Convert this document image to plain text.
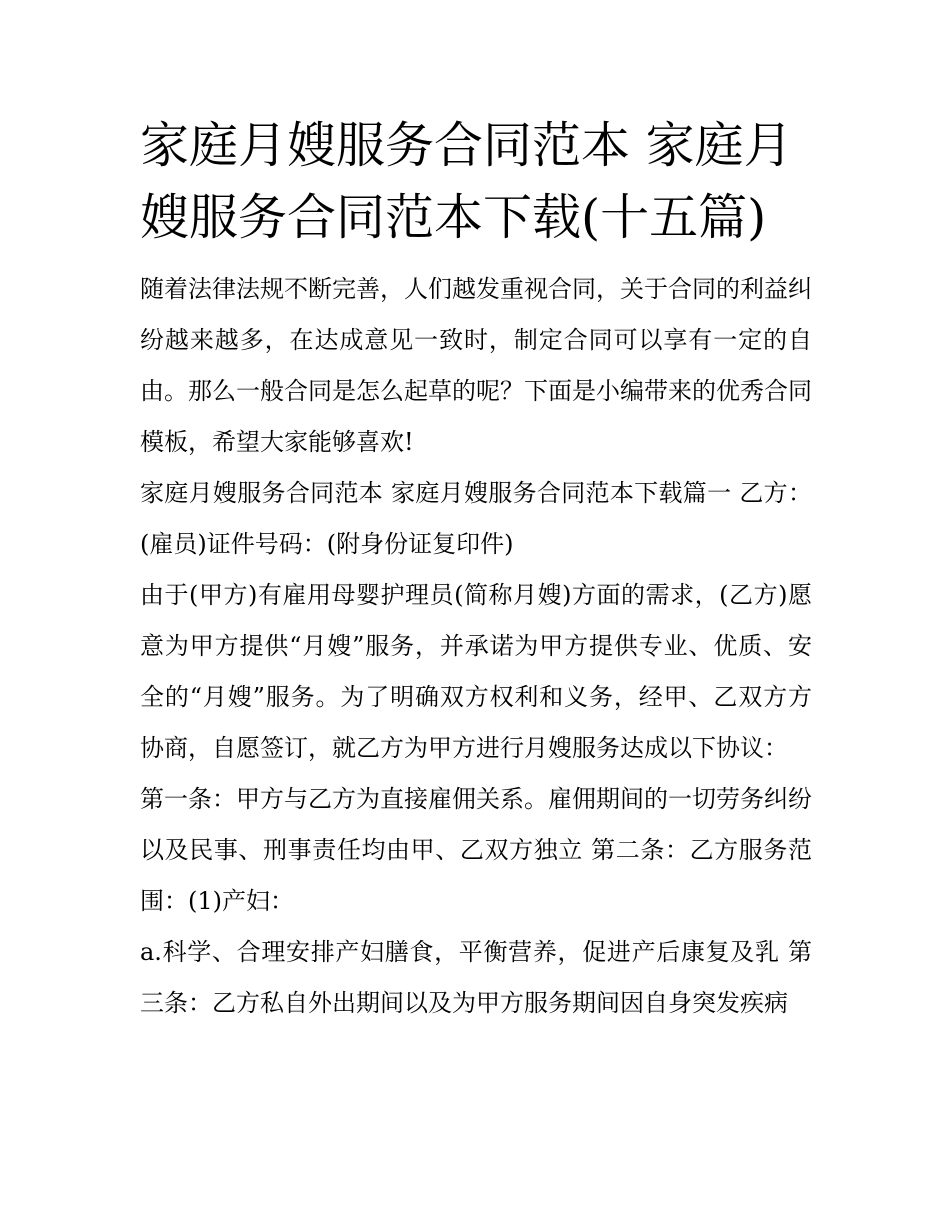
家庭月嫂服务合同范本 家庭月嫂服务合同范本下载(十五篇)

随着法律法规不断完善，人们越发重视合同，关于合同的利益纠纷越来越多，在达成意见一致时，制定合同可以享有一定的自由。那么一般合同是怎么起草的呢？下面是小编带来的优秀合同模板，希望大家能够喜欢!

家庭月嫂服务合同范本 家庭月嫂服务合同范本下载篇一 乙方：(雇员)证件号码：(附身份证复印件)

由于(甲方)有雇用母婴护理员(简称月嫂)方面的需求，(乙方)愿意为甲方提供“月嫂”服务，并承诺为甲方提供专业、优质、安全的“月嫂”服务。为了明确双方权利和义务，经甲、乙双方方协商，自愿签订，就乙方为甲方进行月嫂服务达成以下协议：

第一条：甲方与乙方为直接雇佣关系。雇佣期间的一切劳务纠纷以及民事、刑事责任均由甲、乙双方独立 第二条：乙方服务范围：(1)产妇：

a.科学、合理安排产妇膳食，平衡营养，促进产后康复及乳 第三条：乙方私自外出期间以及为甲方服务期间因自身突发疾病
